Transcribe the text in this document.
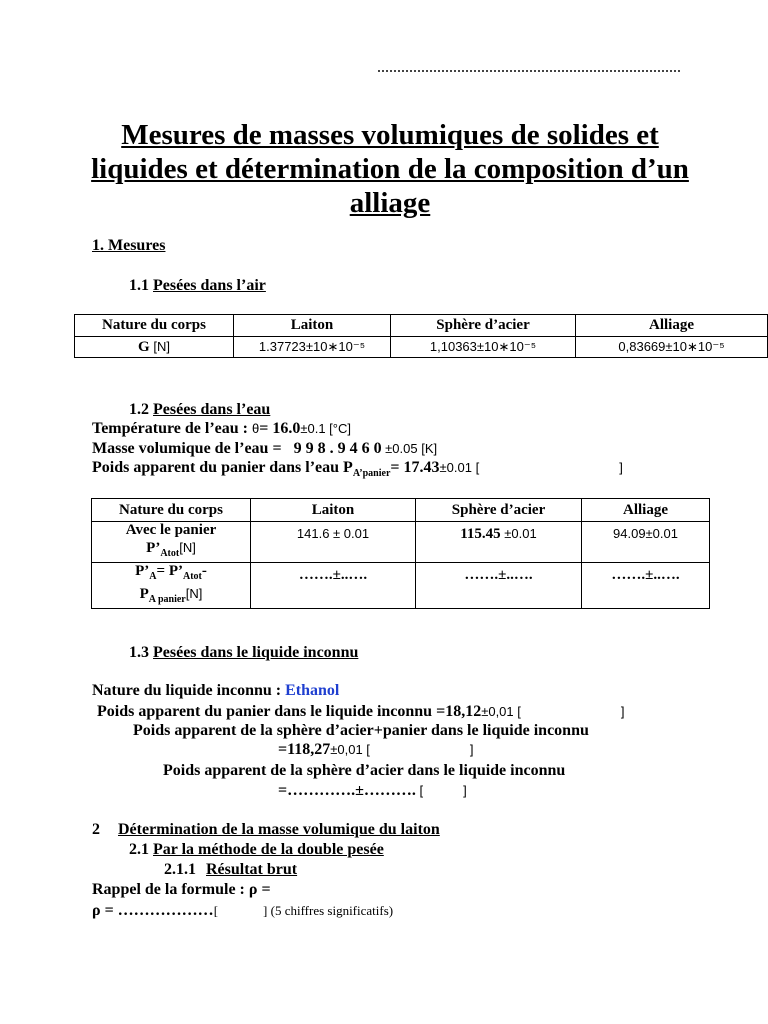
Mesures de masses volumiques de solides et liquides et détermination de la composition d’un alliage
1. Mesures
1.1 Pesées dans l’air
Nature du corps	Laiton	Sphère d’acier	Alliage
G [N]	1.37723±10∗10⁻⁵	1,10363±10∗10⁻⁵	0,83669±10∗10⁻⁵
1.2 Pesées dans l’eau
Température de l’eau : θ= 16.0±0.1 [°C]
Masse volumique de l’eau = 9 9 8 . 9 4 6 0 ±0.05 [K]
Poids apparent du panier dans l’eau $P_{A’panier}= 17.43\pm 0.01$ [	]
Nature du corps	Laiton	Sphère d’acier	Alliage

Avec le panier
$P’_{Atot}[N]$	141.6 ± 0.01	115.45 ±0.01	94.09±0.01

$P’_A=$ $P’_{Atot}-$
$P_{A panier}[N]$	…….±..….	…….±..….	…….±..….
1.3 Pesées dans le liquide inconnu
Nature du liquide inconnu : Ethanol
Poids apparent du panier dans le liquide inconnu =18,12±0,01 [	]
Poids apparent de la sphère d’acier+panier dans le liquide inconnu
=118,27±0,01 [	]
Poids apparent de la sphère d’acier dans le liquide inconnu
=………….±………. [	]
2 Détermination de la masse volumique du laiton
2.1 Par la méthode de la double pesée
2.1.1 Résultat brut
Rappel de la formule : ρ =
ρ = ………………[	] (5 chiffres significatifs)
